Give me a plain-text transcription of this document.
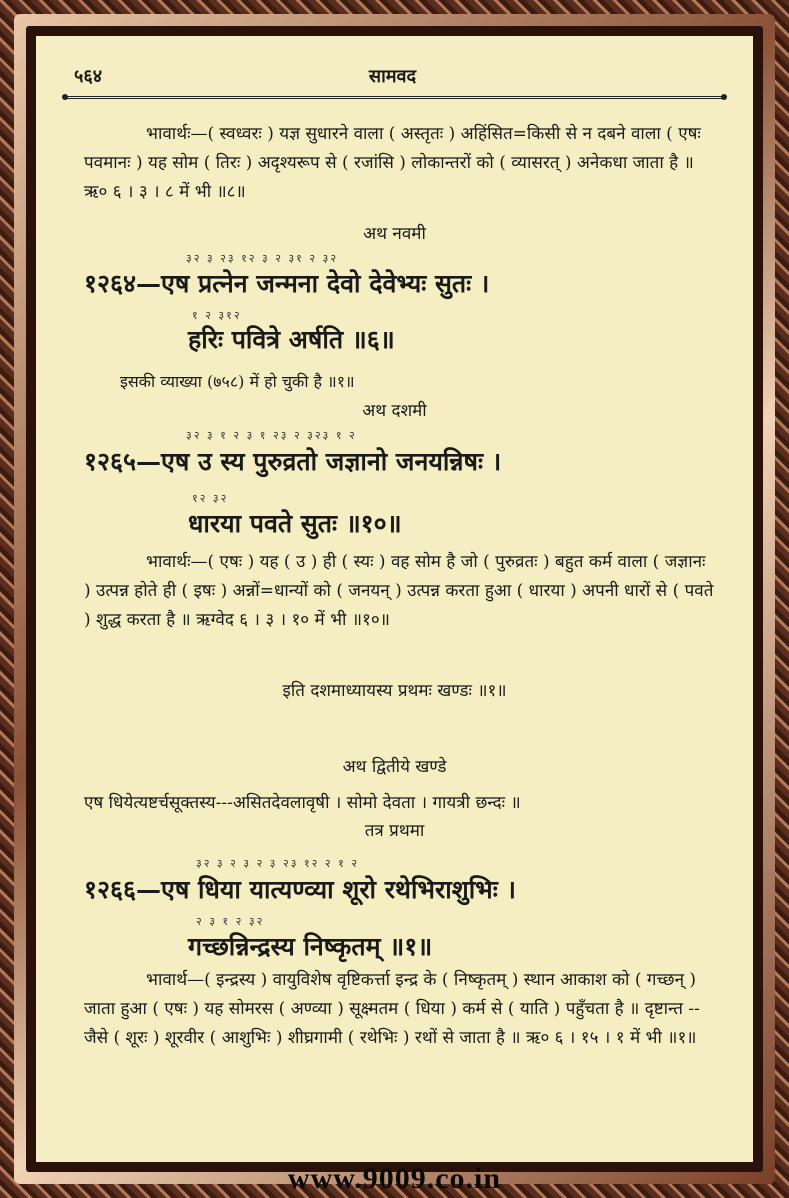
५६४	सामवद
भावार्थः—( स्वध्वरः ) यज्ञ सुधारने वाला ( अस्तृतः ) अहिंसित=किसी से न दबने वाला ( एषः पवमानः ) यह सोम ( तिरः ) अदृश्यरूप से ( रजांसि ) लोकान्तरों को ( व्यासरत् ) अनेकधा जाता है ॥ ऋ० ६ । ३ । ८ में भी ॥८॥
अथ नवमी
३२ ३ २३ १२ ३ २ ३१ २ ३२
१२६४—एष प्रत्नेन जन्मना देवो देवेभ्यः सुतः ।
१ २ ३१२
हरिः पवित्रे अर्षति ॥६॥
इसकी व्याख्या (७५८) में हो चुकी है ॥१॥
अथ दशमी
३२ ३ १ २ ३ १ २३ २ ३२३ १ २
१२६५—एष उ स्य पुरुव्रतो जज्ञानो जनयन्निषः ।
१२ ३२
धारया पवते सुतः ॥१०॥
भावार्थः—( एषः ) यह ( उ ) ही ( स्यः ) वह सोम है जो ( पुरुव्रतः ) बहुत कर्म वाला ( जज्ञानः ) उत्पन्न होते ही ( इषः ) अन्नों=धान्यों को ( जनयन् ) उत्पन्न करता हुआ ( धारया ) अपनी धारों से ( पवते ) शुद्ध करता है ॥ ऋग्वेद ६ । ३ । १० में भी ॥१०॥
इति दशमाध्यायस्य प्रथमः खण्डः ॥१॥
अथ द्वितीये खण्डे
एष धियेत्यष्टर्चसूक्तस्य---असितदेवलावृषी । सोमो देवता । गायत्री छन्दः ॥
तत्र प्रथमा
३२ ३ २ ३ २ ३ २३ १२ २ १ २
१२६६—एष धिया यात्यण्व्या शूरो रथेभिराशुभिः ।
२ ३ १ २ ३२
गच्छन्निन्द्रस्य निष्कृतम् ॥१॥
भावार्थ—( इन्द्रस्य ) वायुविशेष वृष्टिकर्त्ता इन्द्र के ( निष्कृतम् ) स्थान आकाश को ( गच्छन् ) जाता हुआ ( एषः ) यह सोमरस ( अण्व्या ) सूक्ष्मतम ( धिया ) कर्म से ( याति ) पहुँचता है ॥ दृष्टान्त --जैसे ( शूरः ) शूरवीर ( आशुभिः ) शीघ्रगामी ( रथेभिः ) रथों से जाता है ॥ ऋ० ६ । १५ । १ में भी ॥१॥
www.9009.co.in
